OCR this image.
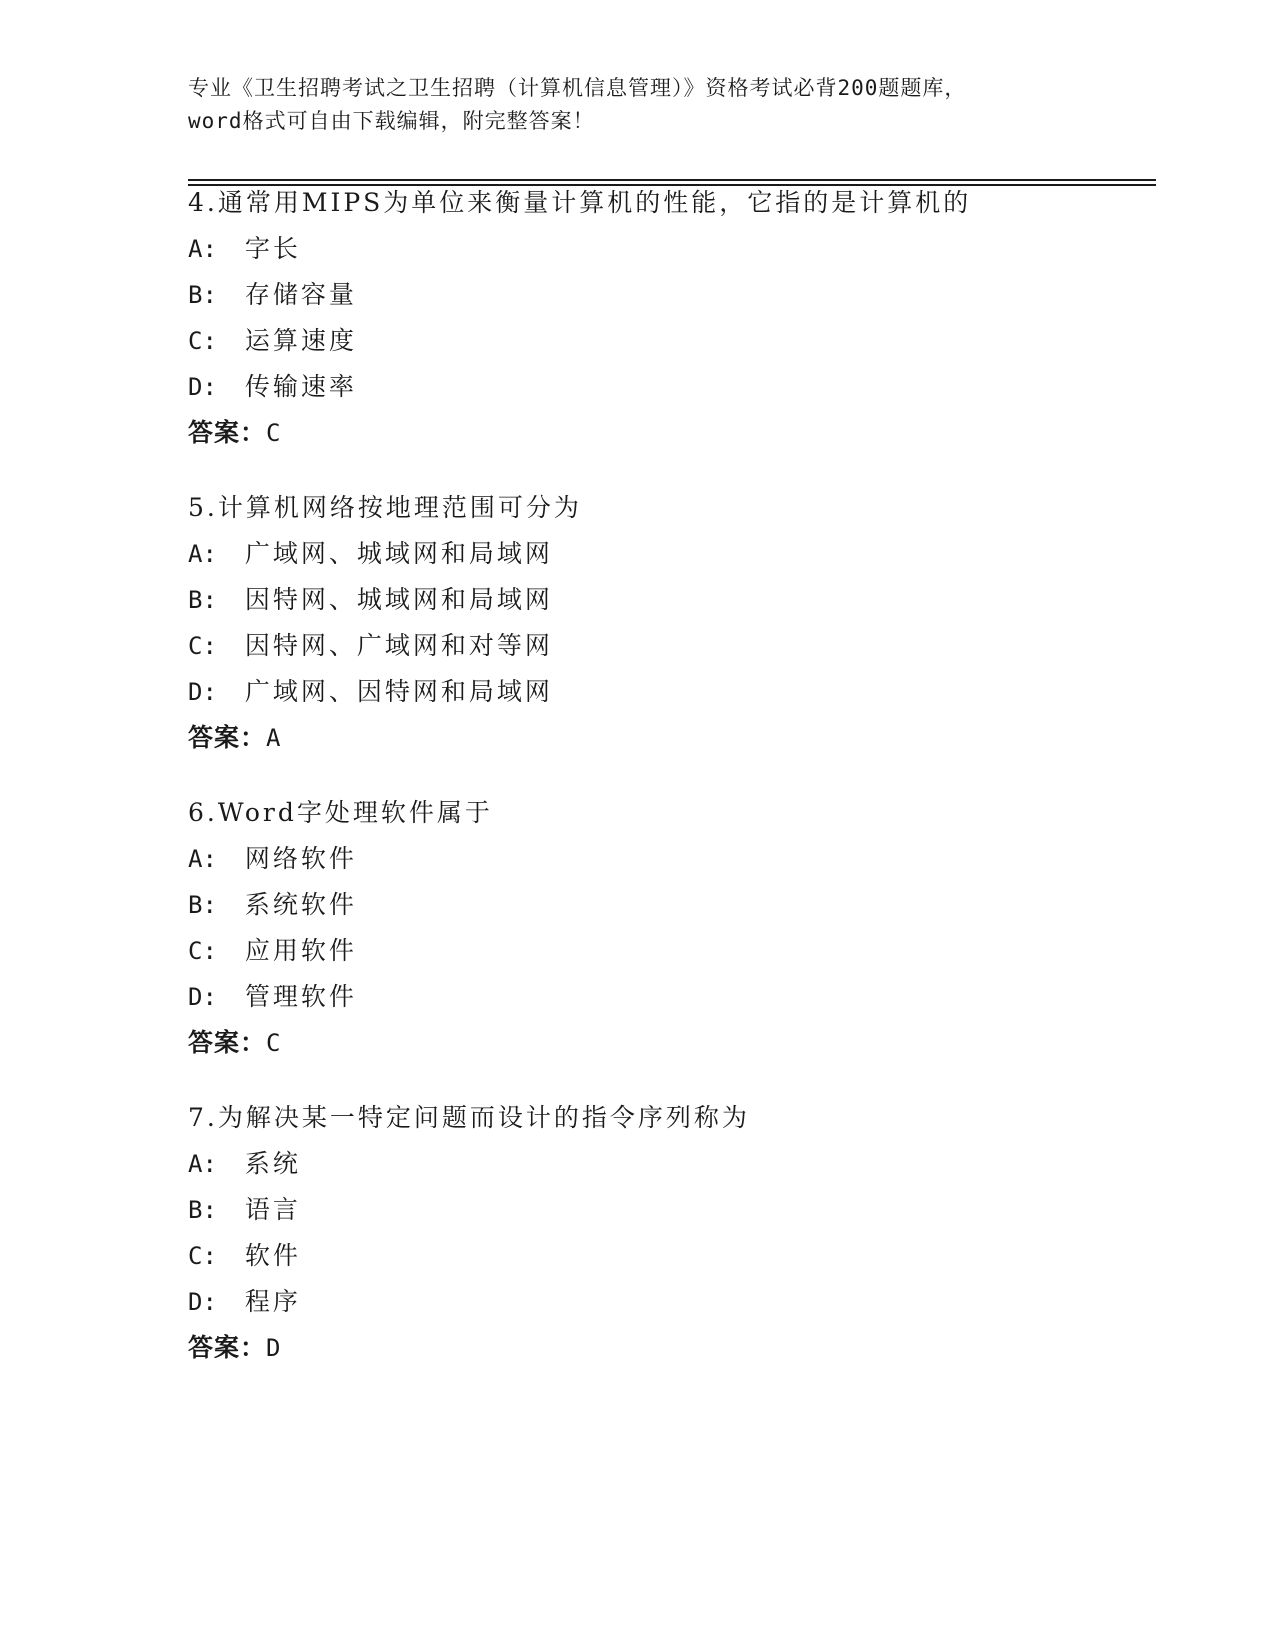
专业《卫生招聘考试之卫生招聘（计算机信息管理）》资格考试必背200题题库，
word格式可自由下载编辑，附完整答案！
4.通常用MIPS为单位来衡量计算机的性能，它指的是计算机的
A: 字长
B: 存储容量
C: 运算速度
D: 传输速率
答案：C
5.计算机网络按地理范围可分为
A: 广域网、城域网和局域网
B: 因特网、城域网和局域网
C: 因特网、广域网和对等网
D: 广域网、因特网和局域网
答案：A
6.Word字处理软件属于
A: 网络软件
B: 系统软件
C: 应用软件
D: 管理软件
答案：C
7.为解决某一特定问题而设计的指令序列称为
A: 系统
B: 语言
C: 软件
D: 程序
答案：D
